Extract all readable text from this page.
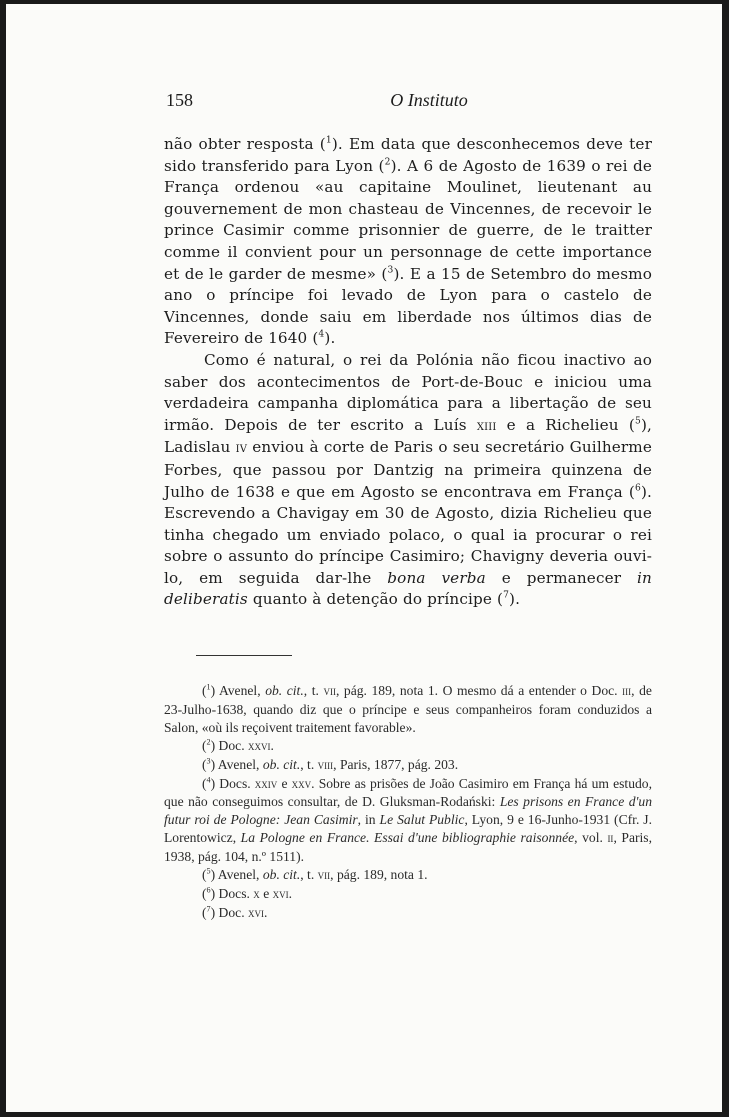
158	O Instituto

não obter resposta ($^1$). Em data que desconhecemos deve ter sido transferido para Lyon ($^2$). A 6 de Agosto de 1639 o rei de França ordenou «au capitaine Moulinet, lieutenant au gouvernement de mon chasteau de Vincennes, de recevoir le prince Casimir comme prisonnier de guerre, de le traitter comme il convient pour un personnage de cette importance et de le garder de mesme» ($^3$). E a 15 de Setembro do mesmo ano o príncipe foi levado de Lyon para o castelo de Vincennes, donde saiu em liberdade nos últimos dias de Fevereiro de 1640 ($^4$).

Como é natural, o rei da Polónia não ficou inactivo ao saber dos acontecimentos de Port-de-Bouc e iniciou uma verdadeira campanha diplomática para a libertação de seu irmão. Depois de ter escrito a Luís xiii e a Richelieu ($^5$), Ladislau iv enviou à corte de Paris o seu secretário Guilherme Forbes, que passou por Dantzig na primeira quinzena de Julho de 1638 e que em Agosto se encontrava em França ($^6$). Escrevendo a Chavigay em 30 de Agosto, dizia Richelieu que tinha chegado um enviado polaco, o qual ia procurar o rei sobre o assunto do príncipe Casimiro; Chavigny deveria ouvi-lo, em seguida dar-lhe bona verba e permanecer in deliberatis quanto à detenção do príncipe ($^7$).

($^1$) Avenel, ob. cit., t. vii, pág. 189, nota 1. O mesmo dá a entender o Doc. iii, de 23-Julho-1638, quando diz que o príncipe e seus companheiros foram conduzidos a Salon, «où ils reçoivent traitement favorable».

($^2$) Doc. xxvi.

($^3$) Avenel, ob. cit., t. viii, Paris, 1877, pág. 203.

($^4$) Docs. xxiv e xxv. Sobre as prisões de João Casimiro em França há um estudo, que não conseguimos consultar, de D. Gluksman-Rodański: Les prisons en France d'un futur roi de Pologne: Jean Casimir, in Le Salut Public, Lyon, 9 e 16-Junho-1931 (Cfr. J. Lorentowicz, La Pologne en France. Essai d'une bibliographie raisonnée, vol. ii, Paris, 1938, pág. 104, n.º 1511).

($^5$) Avenel, ob. cit., t. vii, pág. 189, nota 1.

($^6$) Docs. x e xvi.

($^7$) Doc. xvi.
